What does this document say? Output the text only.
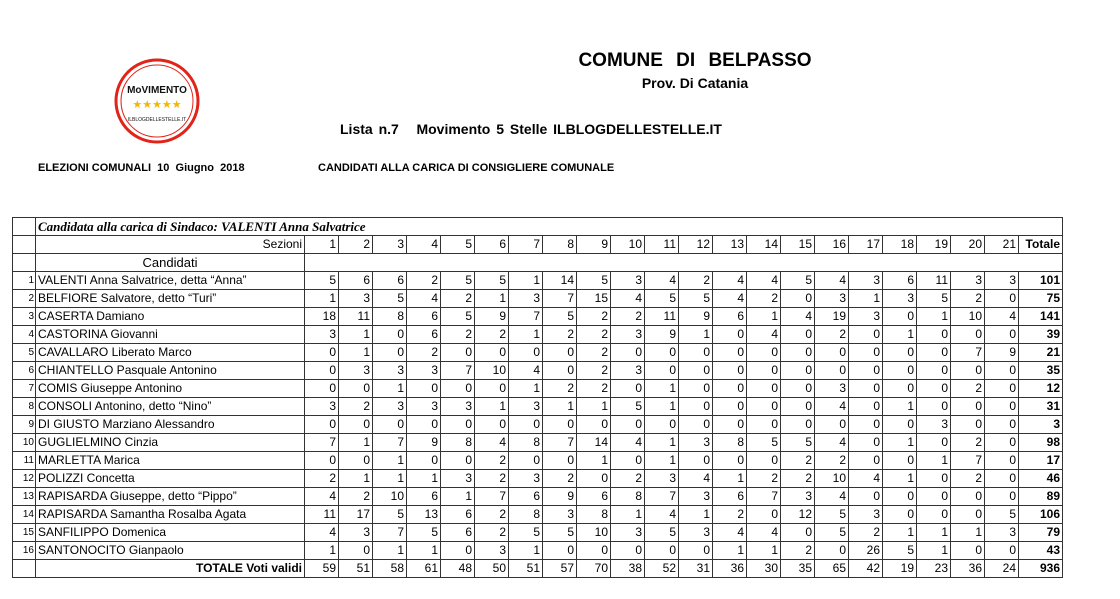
COMUNE DI BELPASSO
Prov. Di Catania
Lista n.7   Movimento 5 Stelle ILBLOGDELLESTELLE.IT
ELEZIONI COMUNALI  10  Giugno  2018	CANDIDATI ALLA CARICA DI CONSIGLIERE COMUNALE
MoVIMENTO
★★★★★
ILBLOGDELLESTELLE.IT
	Candidata alla carica di Sindaco: VALENTI Anna Salvatrice																						
	Sezioni	1	2	3	4	5	6	7	8	9	10	11	12	13	14	15	16	17	18	19	20	21	Totale
	Candidati																						
1	VALENTI Anna Salvatrice, detta “Anna”	5	6	6	2	5	5	1	14	5	3	4	2	4	4	5	4	3	6	11	3	3	101
2	BELFIORE Salvatore, detto “Turi”	1	3	5	4	2	1	3	7	15	4	5	5	4	2	0	3	1	3	5	2	0	75
3	CASERTA Damiano	18	11	8	6	5	9	7	5	2	2	11	9	6	1	4	19	3	0	1	10	4	141
4	CASTORINA Giovanni	3	1	0	6	2	2	1	2	2	3	9	1	0	4	0	2	0	1	0	0	0	39
5	CAVALLARO Liberato Marco	0	1	0	2	0	0	0	0	2	0	0	0	0	0	0	0	0	0	0	7	9	21
6	CHIANTELLO Pasquale Antonino	0	3	3	3	7	10	4	0	2	3	0	0	0	0	0	0	0	0	0	0	0	35
7	COMIS Giuseppe Antonino	0	0	1	0	0	0	1	2	2	0	1	0	0	0	0	3	0	0	0	2	0	12
8	CONSOLI Antonino, detto “Nino”	3	2	3	3	3	1	3	1	1	5	1	0	0	0	0	4	0	1	0	0	0	31
9	DI GIUSTO Marziano Alessandro	0	0	0	0	0	0	0	0	0	0	0	0	0	0	0	0	0	0	3	0	0	3
10	GUGLIELMINO Cinzia	7	1	7	9	8	4	8	7	14	4	1	3	8	5	5	4	0	1	0	2	0	98
11	MARLETTA Marica	0	0	1	0	0	2	0	0	1	0	1	0	0	0	2	2	0	0	1	7	0	17
12	POLIZZI Concetta	2	1	1	1	3	2	3	2	0	2	3	4	1	2	2	10	4	1	0	2	0	46
13	RAPISARDA Giuseppe, detto “Pippo”	4	2	10	6	1	7	6	9	6	8	7	3	6	7	3	4	0	0	0	0	0	89
14	RAPISARDA Samantha Rosalba Agata	11	17	5	13	6	2	8	3	8	1	4	1	2	0	12	5	3	0	0	0	5	106
15	SANFILIPPO Domenica	4	3	7	5	6	2	5	5	10	3	5	3	4	4	0	5	2	1	1	1	3	79
16	SANTONOCITO Gianpaolo	1	0	1	1	0	3	1	0	0	0	0	0	1	1	2	0	26	5	1	0	0	43
	TOTALE Voti validi	59	51	58	61	48	50	51	57	70	38	52	31	36	30	35	65	42	19	23	36	24	936
